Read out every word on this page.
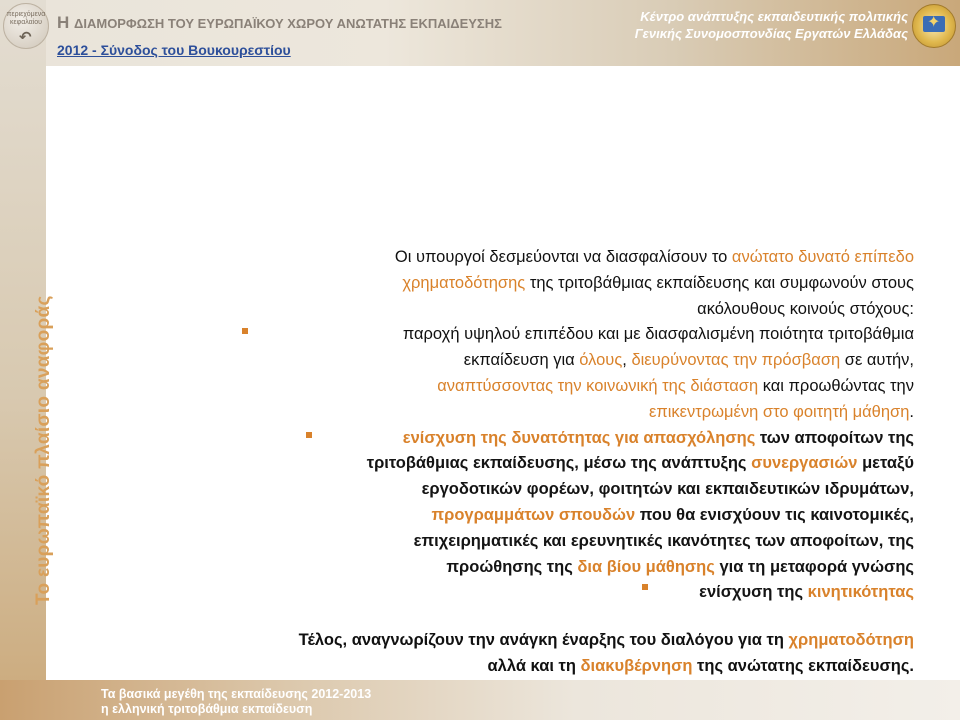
Το ευρωπαϊκό πλαίσιο αναφοράς
περιεχόμενα κεφαλαίου
↶
Η ΔΙΑΜΟΡΦΩΣΗ ΤΟΥ ΕΥΡΩΠΑΪΚΟΥ ΧΩΡΟΥ ΑΝΩΤΑΤΗΣ ΕΚΠΑΙΔΕΥΣΗΣ
2012 - Σύνοδος του Βουκουρεστίου
Κέντρο ανάπτυξης εκπαιδευτικής πολιτικής
Γενικής Συνομοσπονδίας Εργατών Ελλάδας
✦

Οι υπουργοί δεσμεύονται να διασφαλίσουν το ανώτατο δυνατό επίπεδο

χρηματοδότησης της τριτοβάθμιας εκπαίδευσης και συμφωνούν στους

ακόλουθους κοινούς στόχους:

παροχή υψηλού επιπέδου και με διασφαλισμένη ποιότητα τριτοβάθμια

εκπαίδευση για όλους, διευρύνοντας την πρόσβαση σε αυτήν,

αναπτύσσοντας την κοινωνική της διάσταση και προωθώντας την

επικεντρωμένη στο φοιτητή μάθηση.

ενίσχυση της δυνατότητας για απασχόλησης των αποφοίτων της

τριτοβάθμιας εκπαίδευσης, μέσω της ανάπτυξης συνεργασιών μεταξύ

εργοδοτικών φορέων, φοιτητών και εκπαιδευτικών ιδρυμάτων,

προγραμμάτων σπουδών που θα ενισχύουν τις καινοτομικές,

επιχειρηματικές και ερευνητικές ικανότητες των αποφοίτων, της

προώθησης της δια βίου μάθησης για τη μεταφορά γνώσης

ενίσχυση της κινητικότητας

Τέλος, αναγνωρίζουν την ανάγκη έναρξης του διαλόγου για τη χρηματοδότηση
αλλά και τη διακυβέρνηση της ανώτατης εκπαίδευσης.
Τα βασικά μεγέθη της εκπαίδευσης 2012-2013
η ελληνική τριτοβάθμια εκπαίδευση
